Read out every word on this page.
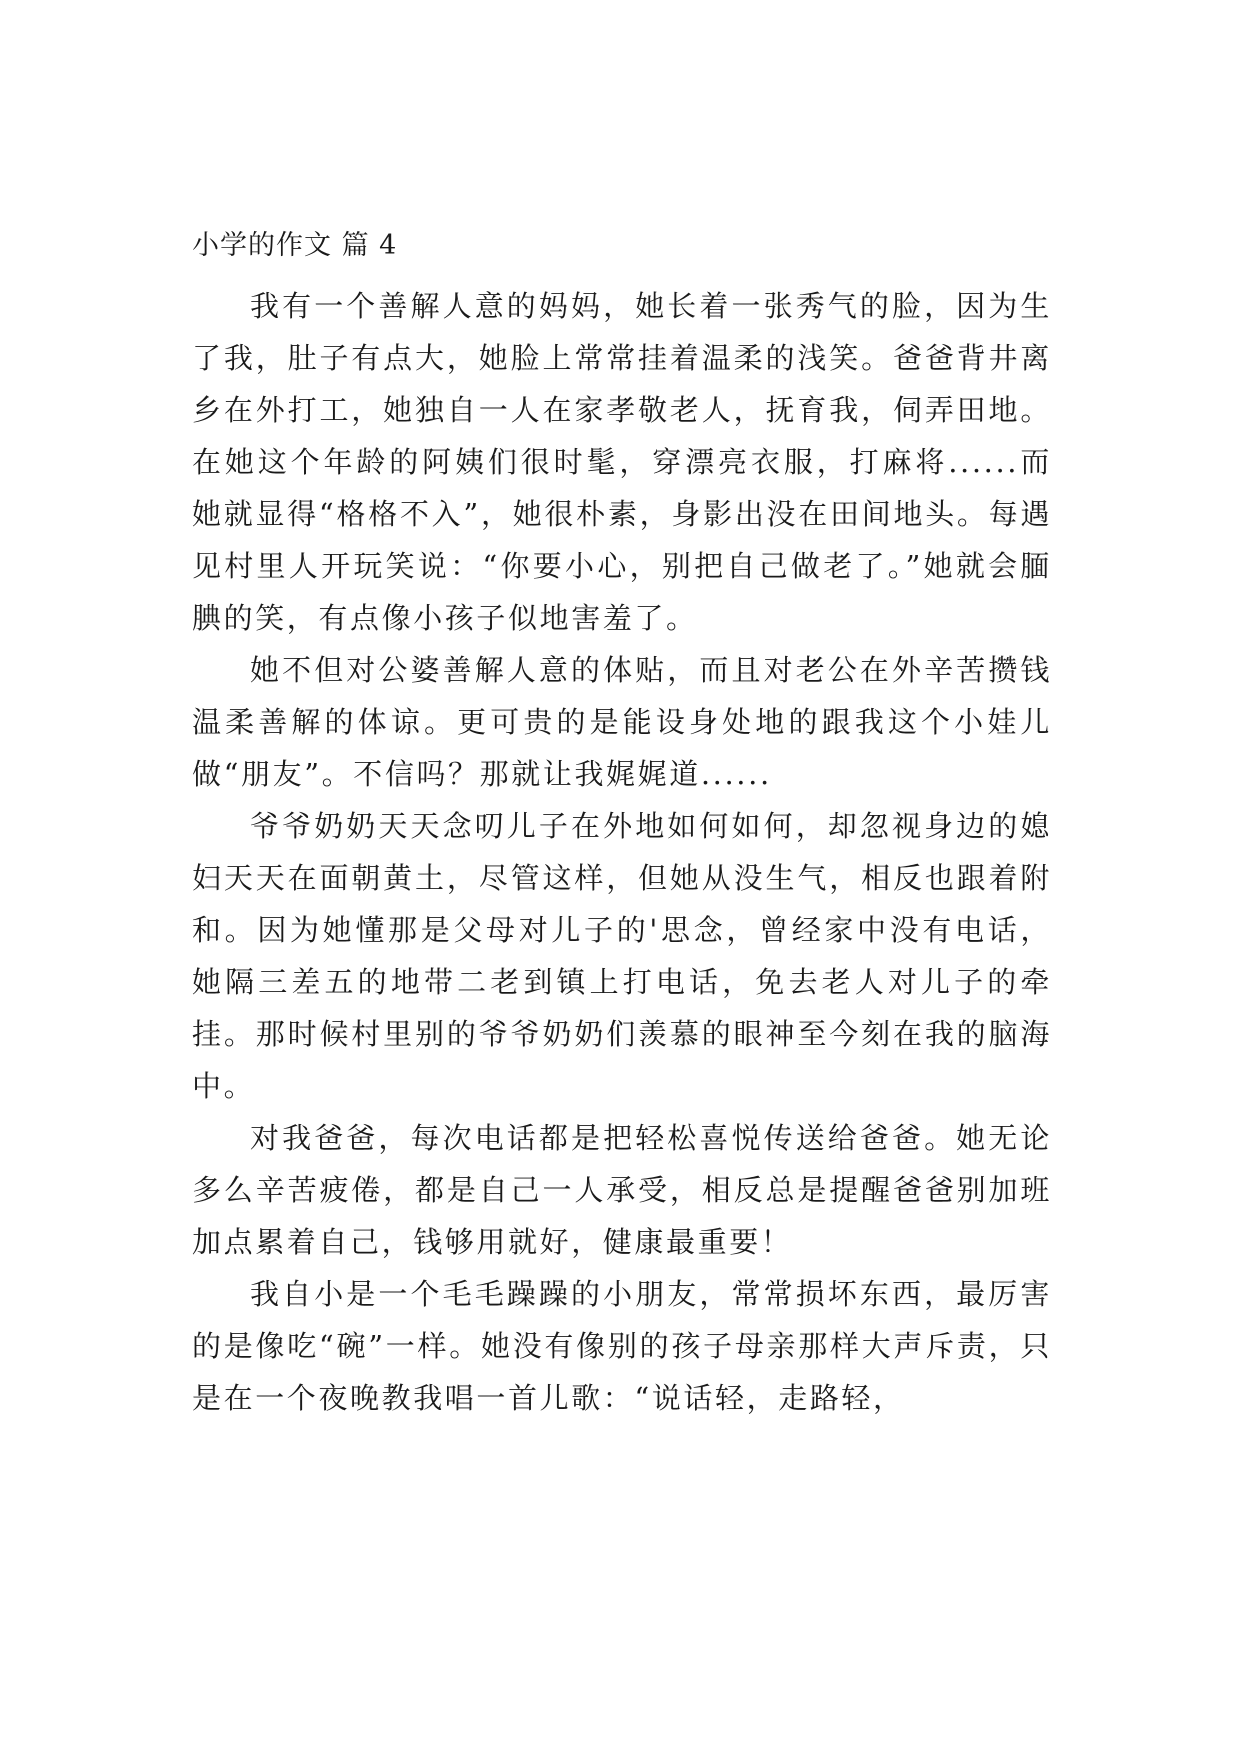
小学的作文 篇 4

我有一个善解人意的妈妈，她长着一张秀气的脸，因为生了我，肚子有点大，她脸上常常挂着温柔的浅笑。爸爸背井离乡在外打工，她独自一人在家孝敬老人，抚育我，伺弄田地。在她这个年龄的阿姨们很时髦，穿漂亮衣服，打麻将......而她就显得“格格不入”，她很朴素，身影出没在田间地头。每遇见村里人开玩笑说：“你要小心，别把自己做老了。”她就会腼腆的笑，有点像小孩子似地害羞了。

她不但对公婆善解人意的体贴，而且对老公在外辛苦攒钱温柔善解的体谅。更可贵的是能设身处地的跟我这个小娃儿做“朋友”。不信吗？那就让我娓娓道......

爷爷奶奶天天念叨儿子在外地如何如何，却忽视身边的媳妇天天在面朝黄土，尽管这样，但她从没生气，相反也跟着附和。因为她懂那是父母对儿子的'思念，曾经家中没有电话，她隔三差五的地带二老到镇上打电话，免去老人对儿子的牵挂。那时候村里别的爷爷奶奶们羡慕的眼神至今刻在我的脑海中。

对我爸爸，每次电话都是把轻松喜悦传送给爸爸。她无论多么辛苦疲倦，都是自己一人承受，相反总是提醒爸爸别加班加点累着自己，钱够用就好，健康最重要！

我自小是一个毛毛躁躁的小朋友，常常损坏东西，最厉害的是像吃“碗”一样。她没有像别的孩子母亲那样大声斥责，只是在一个夜晚教我唱一首儿歌：“说话轻，走路轻，
